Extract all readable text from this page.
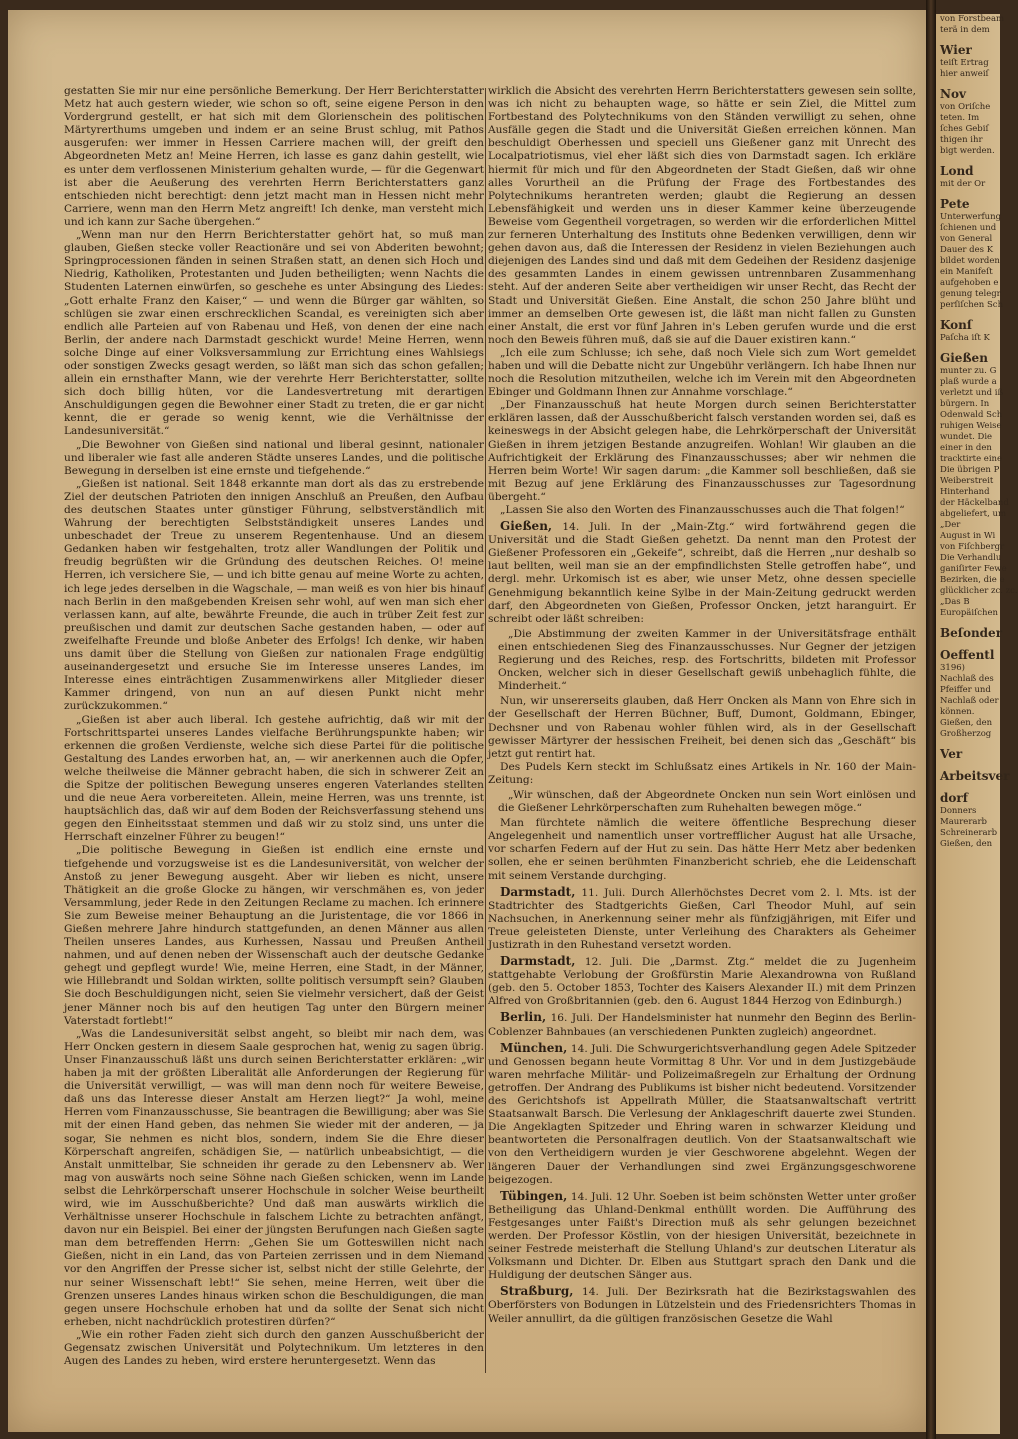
gestatten Sie mir nur eine persönliche Bemerkung. Der Herr Berichterstatter Metz hat auch gestern wieder, wie schon so oft, seine eigene Person in den Vordergrund gestellt, er hat sich mit dem Glorienschein des politischen Märtyrerthums umgeben und indem er an seine Brust schlug, mit Pathos ausgerufen: wer immer in Hessen Carriere machen will, der greift den Abgeordneten Metz an! Meine Herren, ich lasse es ganz dahin gestellt, wie es unter dem verflossenen Ministerium gehalten wurde, — für die Gegenwart ist aber die Aeußerung des verehrten Herrn Berichterstatters ganz entschieden nicht berechtigt: denn jetzt macht man in Hessen nicht mehr Carriere, wenn man den Herrn Metz angreift! Ich denke, man versteht mich und ich kann zur Sache übergehen.“

„Wenn man nur den Herrn Berichterstatter gehört hat, so muß man glauben, Gießen stecke voller Reactionäre und sei von Abderiten bewohnt; Springprocessionen fänden in seinen Straßen statt, an denen sich Hoch und Niedrig, Katholiken, Protestanten und Juden betheiligten; wenn Nachts die Studenten Laternen einwürfen, so geschehe es unter Absingung des Liedes: „Gott erhalte Franz den Kaiser,“ — und wenn die Bürger gar wählten, so schlügen sie zwar einen erschrecklichen Scandal, es vereinigten sich aber endlich alle Parteien auf von Rabenau und Heß, von denen der eine nach Berlin, der andere nach Darmstadt geschickt wurde! Meine Herren, wenn solche Dinge auf einer Volksversammlung zur Errichtung eines Wahlsiegs oder sonstigen Zwecks gesagt werden, so läßt man sich das schon gefallen; allein ein ernsthafter Mann, wie der verehrte Herr Berichterstatter, sollte sich doch billig hüten, vor die Landesvertretung mit derartigen Anschuldigungen gegen die Bewohner einer Stadt zu treten, die er gar nicht kennt, die er gerade so wenig kennt, wie die Verhältnisse der Landesuniversität.“

„Die Bewohner von Gießen sind national und liberal gesinnt, nationaler und liberaler wie fast alle anderen Städte unseres Landes, und die politische Bewegung in derselben ist eine ernste und tiefgehende.“

„Gießen ist national. Seit 1848 erkannte man dort als das zu erstrebende Ziel der deutschen Patrioten den innigen Anschluß an Preußen, den Aufbau des deutschen Staates unter günstiger Führung, selbstverständlich mit Wahrung der berechtigten Selbstständigkeit unseres Landes und unbeschadet der Treue zu unserem Regentenhause. Und an diesem Gedanken haben wir festgehalten, trotz aller Wandlungen der Politik und freudig begrüßten wir die Gründung des deutschen Reiches. O! meine Herren, ich versichere Sie, — und ich bitte genau auf meine Worte zu achten, ich lege jedes derselben in die Wagschale, — man weiß es von hier bis hinauf nach Berlin in den maßgebenden Kreisen sehr wohl, auf wen man sich eher verlassen kann, auf alte, bewährte Freunde, die auch in trüber Zeit fest zur preußischen und damit zur deutschen Sache gestanden haben, — oder auf zweifelhafte Freunde und bloße Anbeter des Erfolgs! Ich denke, wir haben uns damit über die Stellung von Gießen zur nationalen Frage endgültig auseinandergesetzt und ersuche Sie im Interesse unseres Landes, im Interesse eines einträchtigen Zusammenwirkens aller Mitglieder dieser Kammer dringend, von nun an auf diesen Punkt nicht mehr zurückzukommen.“

„Gießen ist aber auch liberal. Ich gestehe aufrichtig, daß wir mit der Fortschrittspartei unseres Landes vielfache Berührungspunkte haben; wir erkennen die großen Verdienste, welche sich diese Partei für die politische Gestaltung des Landes erworben hat, an, — wir anerkennen auch die Opfer, welche theilweise die Männer gebracht haben, die sich in schwerer Zeit an die Spitze der politischen Bewegung unseres engeren Vaterlandes stellten und die neue Aera vorbereiteten. Allein, meine Herren, was uns trennte, ist hauptsächlich das, daß wir auf dem Boden der Reichsverfassung stehend uns gegen den Einheitsstaat stemmen und daß wir zu stolz sind, uns unter die Herrschaft einzelner Führer zu beugen!“

„Die politische Bewegung in Gießen ist endlich eine ernste und tiefgehende und vorzugsweise ist es die Landesuniversität, von welcher der Anstoß zu jener Bewegung ausgeht. Aber wir lieben es nicht, unsere Thätigkeit an die große Glocke zu hängen, wir verschmähen es, von jeder Versammlung, jeder Rede in den Zeitungen Reclame zu machen. Ich erinnere Sie zum Beweise meiner Behauptung an die Juristentage, die vor 1866 in Gießen mehrere Jahre hindurch stattgefunden, an denen Männer aus allen Theilen unseres Landes, aus Kurhessen, Nassau und Preußen Antheil nahmen, und auf denen neben der Wissenschaft auch der deutsche Gedanke gehegt und gepflegt wurde! Wie, meine Herren, eine Stadt, in der Männer, wie Hillebrandt und Soldan wirkten, sollte politisch versumpft sein? Glauben Sie doch Beschuldigungen nicht, seien Sie vielmehr versichert, daß der Geist jener Männer noch bis auf den heutigen Tag unter den Bürgern meiner Vaterstadt fortlebt!“

„Was die Landesuniversität selbst angeht, so bleibt mir nach dem, was Herr Oncken gestern in diesem Saale gesprochen hat, wenig zu sagen übrig. Unser Finanzausschuß läßt uns durch seinen Berichterstatter erklären: „wir haben ja mit der größten Liberalität alle Anforderungen der Regierung für die Universität verwilligt, — was will man denn noch für weitere Beweise, daß uns das Interesse dieser Anstalt am Herzen liegt?“ Ja wohl, meine Herren vom Finanzausschusse, Sie beantragen die Bewilligung; aber was Sie mit der einen Hand geben, das nehmen Sie wieder mit der anderen, — ja sogar, Sie nehmen es nicht blos, sondern, indem Sie die Ehre dieser Körperschaft angreifen, schädigen Sie, — natürlich unbeabsichtigt, — die Anstalt unmittelbar, Sie schneiden ihr gerade zu den Lebensnerv ab. Wer mag von auswärts noch seine Söhne nach Gießen schicken, wenn im Lande selbst die Lehrkörperschaft unserer Hochschule in solcher Weise beurtheilt wird, wie im Ausschußberichte? Und daß man auswärts wirklich die Verhältnisse unserer Hochschule in falschem Lichte zu betrachten anfängt, davon nur ein Beispiel. Bei einer der jüngsten Berufungen nach Gießen sagte man dem betreffenden Herrn: „Gehen Sie um Gotteswillen nicht nach Gießen, nicht in ein Land, das von Parteien zerrissen und in dem Niemand vor den Angriffen der Presse sicher ist, selbst nicht der stille Gelehrte, der nur seiner Wissenschaft lebt!“ Sie sehen, meine Herren, weit über die Grenzen unseres Landes hinaus wirken schon die Beschuldigungen, die man gegen unsere Hochschule erhoben hat und da sollte der Senat sich nicht erheben, nicht nachdrücklich protestiren dürfen?“

„Wie ein rother Faden zieht sich durch den ganzen Ausschußbericht der Gegensatz zwischen Universität und Polytechnikum. Um letzteres in den Augen des Landes zu heben, wird erstere heruntergesetzt. Wenn das

wirklich die Absicht des verehrten Herrn Berichterstatters gewesen sein sollte, was ich nicht zu behaupten wage, so hätte er sein Ziel, die Mittel zum Fortbestand des Polytechnikums von den Ständen verwilligt zu sehen, ohne Ausfälle gegen die Stadt und die Universität Gießen erreichen können. Man beschuldigt Oberhessen und speciell uns Gießener ganz mit Unrecht des Localpatriotismus, viel eher läßt sich dies von Darmstadt sagen. Ich erkläre hiermit für mich und für den Abgeordneten der Stadt Gießen, daß wir ohne alles Vorurtheil an die Prüfung der Frage des Fortbestandes des Polytechnikums herantreten werden; glaubt die Regierung an dessen Lebensfähigkeit und werden uns in dieser Kammer keine überzeugende Beweise vom Gegentheil vorgetragen, so werden wir die erforderlichen Mittel zur ferneren Unterhaltung des Instituts ohne Bedenken verwilligen, denn wir gehen davon aus, daß die Interessen der Residenz in vielen Beziehungen auch diejenigen des Landes sind und daß mit dem Gedeihen der Residenz dasjenige des gesammten Landes in einem gewissen untrennbaren Zusammenhang steht. Auf der anderen Seite aber vertheidigen wir unser Recht, das Recht der Stadt und Universität Gießen. Eine Anstalt, die schon 250 Jahre blüht und immer an demselben Orte gewesen ist, die läßt man nicht fallen zu Gunsten einer Anstalt, die erst vor fünf Jahren in's Leben gerufen wurde und die erst noch den Beweis führen muß, daß sie auf die Dauer existiren kann.“

„Ich eile zum Schlusse; ich sehe, daß noch Viele sich zum Wort gemeldet haben und will die Debatte nicht zur Ungebühr verlängern. Ich habe Ihnen nur noch die Resolution mitzutheilen, welche ich im Verein mit den Abgeordneten Ebinger und Goldmann Ihnen zur Annahme vorschlage.“

„Der Finanzausschuß hat heute Morgen durch seinen Berichterstatter erklären lassen, daß der Ausschußbericht falsch verstanden worden sei, daß es keineswegs in der Absicht gelegen habe, die Lehrkörperschaft der Universität Gießen in ihrem jetzigen Bestande anzugreifen. Wohlan! Wir glauben an die Aufrichtigkeit der Erklärung des Finanzausschusses; aber wir nehmen die Herren beim Worte! Wir sagen darum: „die Kammer soll beschließen, daß sie mit Bezug auf jene Erklärung des Finanzausschusses zur Tagesordnung übergeht.“

„Lassen Sie also den Worten des Finanzausschusses auch die That folgen!“

Gießen, 14. Juli. In der „Main-Ztg.“ wird fortwährend gegen die Universität und die Stadt Gießen gehetzt. Da nennt man den Protest der Gießener Professoren ein „Gekeife“, schreibt, daß die Herren „nur deshalb so laut bellten, weil man sie an der empfindlichsten Stelle getroffen habe“, und dergl. mehr. Urkomisch ist es aber, wie unser Metz, ohne dessen specielle Genehmigung bekanntlich keine Sylbe in der Main-Zeitung gedruckt werden darf, den Abgeordneten von Gießen, Professor Oncken, jetzt haranguirt. Er schreibt oder läßt schreiben:

„Die Abstimmung der zweiten Kammer in der Universitätsfrage enthält einen entschiedenen Sieg des Finanzausschusses. Nur Gegner der jetzigen Regierung und des Reiches, resp. des Fortschritts, bildeten mit Professor Oncken, welcher sich in dieser Gesellschaft gewiß unbehaglich fühlte, die Minderheit.“

Nun, wir unsererseits glauben, daß Herr Oncken als Mann von Ehre sich in der Gesellschaft der Herren Büchner, Buff, Dumont, Goldmann, Ebinger, Dechsner und von Rabenau wohler fühlen wird, als in der Gesellschaft gewisser Märtyrer der hessischen Freiheit, bei denen sich das „Geschäft“ bis jetzt gut rentirt hat.

Des Pudels Kern steckt im Schlußsatz eines Artikels in Nr. 160 der Main-Zeitung:

„Wir wünschen, daß der Abgeordnete Oncken nun sein Wort einlösen und die Gießener Lehrkörperschaften zum Ruhehalten bewegen möge.“

Man fürchtete nämlich die weitere öffentliche Besprechung dieser Angelegenheit und namentlich unser vortrefflicher August hat alle Ursache, vor scharfen Federn auf der Hut zu sein. Das hätte Herr Metz aber bedenken sollen, ehe er seinen berühmten Finanzbericht schrieb, ehe die Leidenschaft mit seinem Verstande durchging.

Darmstadt, 11. Juli. Durch Allerhöchstes Decret vom 2. l. Mts. ist der Stadtrichter des Stadtgerichts Gießen, Carl Theodor Muhl, auf sein Nachsuchen, in Anerkennung seiner mehr als fünfzigjährigen, mit Eifer und Treue geleisteten Dienste, unter Verleihung des Charakters als Geheimer Justizrath in den Ruhestand versetzt worden.

Darmstadt, 12. Juli. Die „Darmst. Ztg.“ meldet die zu Jugenheim stattgehabte Verlobung der Großfürstin Marie Alexandrowna von Rußland (geb. den 5. October 1853, Tochter des Kaisers Alexander II.) mit dem Prinzen Alfred von Großbritannien (geb. den 6. August 1844 Herzog von Edinburgh.)

Berlin, 16. Juli. Der Handelsminister hat nunmehr den Beginn des Berlin-Coblenzer Bahnbaues (an verschiedenen Punkten zugleich) angeordnet.

München, 14. Juli. Die Schwurgerichtsverhandlung gegen Adele Spitzeder und Genossen begann heute Vormittag 8 Uhr. Vor und in dem Justizgebäude waren mehrfache Militär- und Polizeimaßregeln zur Erhaltung der Ordnung getroffen. Der Andrang des Publikums ist bisher nicht bedeutend. Vorsitzender des Gerichtshofs ist Appellrath Müller, die Staatsanwaltschaft vertritt Staatsanwalt Barsch. Die Verlesung der Anklageschrift dauerte zwei Stunden. Die Angeklagten Spitzeder und Ehring waren in schwarzer Kleidung und beantworteten die Personalfragen deutlich. Von der Staatsanwaltschaft wie von den Vertheidigern wurden je vier Geschworene abgelehnt. Wegen der längeren Dauer der Verhandlungen sind zwei Ergänzungsgeschworene beigezogen.

Tübingen, 14. Juli. 12 Uhr. Soeben ist beim schönsten Wetter unter großer Betheiligung das Uhland-Denkmal enthüllt worden. Die Aufführung des Festgesanges unter Faißt's Direction muß als sehr gelungen bezeichnet werden. Der Professor Köstlin, von der hiesigen Universität, bezeichnete in seiner Festrede meisterhaft die Stellung Uhland's zur deutschen Literatur als Volksmann und Dichter. Dr. Elben aus Stuttgart sprach den Dank und die Huldigung der deutschen Sänger aus.

Straßburg, 14. Juli. Der Bezirksrath hat die Bezirkstagswahlen des Oberförsters von Bodungen in Lützelstein und des Friedensrichters Thomas in Weiler annullirt, da die gültigen französischen Gesetze die Wahl

von Forstbeam
terä in dem
Wier
teiſt Ertrag
hier anweiſ
Nov
von Oriſche
teten. Im
ſches Gebiſ
thigen ihr
bigt werden.
Lond
mit der Or
Pete
Unterwerfung
ſchienen und
von General
Dauer des K
bildet worden
ein Manifeſt
aufgehoben e
genung telegr
perſiſchen Sch
Konſ
Paſcha iſt K
Gießen
munter zu. G
plaß wurde a
verletzt und iß
bürgern. In
Odenwald Sch
ruhigen Weise
wundet. Die
einer in den
tracktirte eine
Die übrigen P
Weiberstreit
Hinterhand
der Häckelband
abgeliefert, um
„Der
August in Wi
von Fiſchbergr
Die Verhandlu
ganiſirter Fewe
Bezirken, die e
glücklicher zc. zc.
„Das B
Europäiſchen
Beſonder
Oeffentl
3196)
Nachlaß des
Pfeiffer und
Nachlaß oder
können.
Gießen, den
Großherzog
Ver
Arbeitsver
dorf
Donners
Maurerarb
Schreinerarb
Gießen, den
